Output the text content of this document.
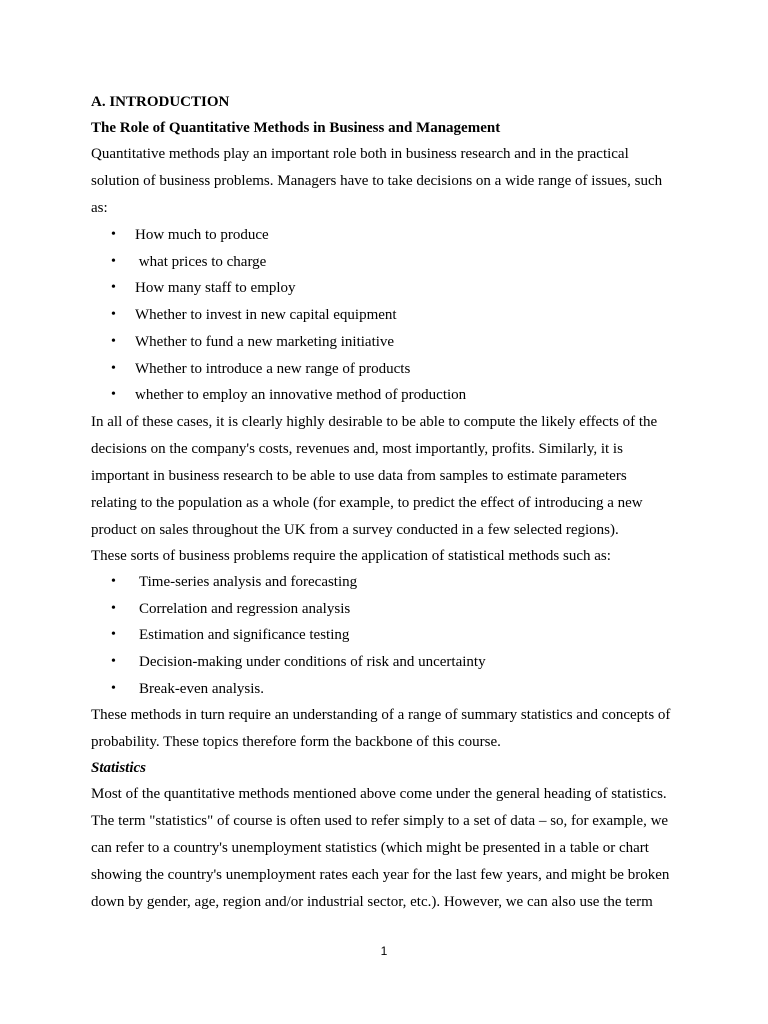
A. INTRODUCTION

The Role of Quantitative Methods in Business and Management

Quantitative methods play an important role both in business research and in the practical
solution of business problems. Managers have to take decisions on a wide range of issues, such
as:

• How much to produce
• what prices to charge
• How many staff to employ
• Whether to invest in new capital equipment
• Whether to fund a new marketing initiative
• Whether to introduce a new range of products
• whether to employ an innovative method of production

In all of these cases, it is clearly highly desirable to be able to compute the likely effects of the
decisions on the company's costs, revenues and, most importantly, profits. Similarly, it is
important in business research to be able to use data from samples to estimate parameters
relating to the population as a whole (for example, to predict the effect of introducing a new
product on sales throughout the UK from a survey conducted in a few selected regions).

These sorts of business problems require the application of statistical methods such as:

• Time-series analysis and forecasting
• Correlation and regression analysis
• Estimation and significance testing
• Decision-making under conditions of risk and uncertainty
• Break-even analysis.

These methods in turn require an understanding of a range of summary statistics and concepts of
probability. These topics therefore form the backbone of this course.

Statistics

Most of the quantitative methods mentioned above come under the general heading of statistics.
The term "statistics" of course is often used to refer simply to a set of data – so, for example, we
can refer to a country's unemployment statistics (which might be presented in a table or chart
showing the country's unemployment rates each year for the last few years, and might be broken
down by gender, age, region and/or industrial sector, etc.). However, we can also use the term

1
